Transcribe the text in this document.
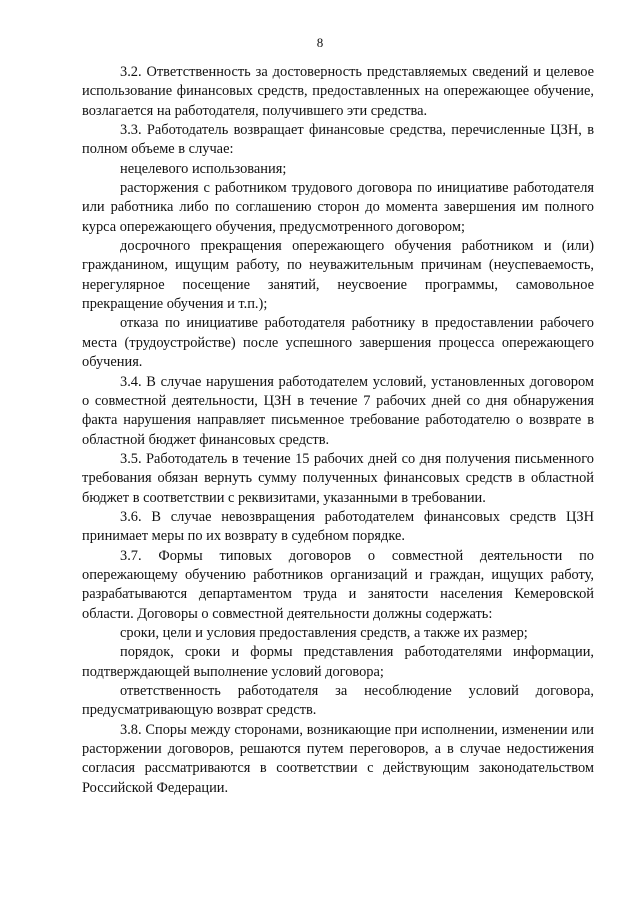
8

3.2. Ответственность за достоверность представляемых сведений и целевое использование финансовых средств, предоставленных на опережающее обучение, возлагается на работодателя, получившего эти средства.

3.3. Работодатель возвращает финансовые средства, перечисленные ЦЗН, в полном объеме в случае:

нецелевого использования;

расторжения с работником трудового договора по инициативе работодателя или работника либо по соглашению сторон до момента завершения им полного курса опережающего обучения, предусмотренного договором;

досрочного прекращения опережающего обучения работником и (или) гражданином, ищущим работу, по неуважительным причинам (неуспеваемость, нерегулярное посещение занятий, неусвоение программы, самовольное прекращение обучения и т.п.);

отказа по инициативе работодателя работнику в предоставлении рабочего места (трудоустройстве) после успешного завершения процесса опережающего обучения.

3.4. В случае нарушения работодателем условий, установленных договором о совместной деятельности, ЦЗН в течение 7 рабочих дней со дня обнаружения факта нарушения направляет письменное требование работодателю о возврате в областной бюджет финансовых средств.

3.5. Работодатель в течение 15 рабочих дней со дня получения письменного требования обязан вернуть сумму полученных финансовых средств в областной бюджет в соответствии с реквизитами, указанными в требовании.

3.6. В случае невозвращения работодателем финансовых средств ЦЗН принимает меры по их возврату в судебном порядке.

3.7. Формы типовых договоров о совместной деятельности по опережающему обучению работников организаций и граждан, ищущих работу, разрабатываются департаментом труда и занятости населения Кемеровской области. Договоры о совместной деятельности должны содержать:

сроки, цели и условия предоставления средств, а также их размер;

порядок, сроки и формы представления работодателями информации, подтверждающей выполнение условий договора;

ответственность работодателя за несоблюдение условий договора, предусматривающую возврат средств.

3.8. Споры между сторонами, возникающие при исполнении, изменении или расторжении договоров, решаются путем переговоров, а в случае недостижения согласия рассматриваются в соответствии с действующим законодательством Российской Федерации.
